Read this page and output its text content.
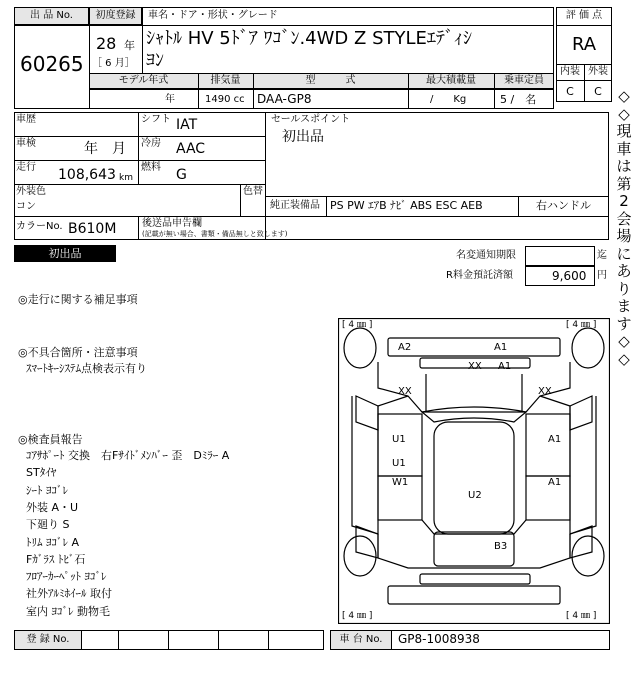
出 品 No.
60265
初度登録
28 年
［ 6 月］
車名・ドア・形状・グレード
ｼｬﾄﾙ HV 5ﾄﾞｱ ﾜｺﾞﾝ.4WD Z STYLEｴﾃﾞｨｼ
ﾖﾝ
モデル年式	排気量	型　　　式	最大積載量	乗車定員
年	1490 cc DAA-GP8	/　　Kg	5 /　名
評 価 点
RA
内装 外装
C	C	◇
◇
現
車
は
第
2
会
場
に
あ
り
ま
す
◇
◇
車歴
車検	年　月
走行 108,643 km
シフト IAT
冷房 AAC
燃料 G
セールスポイント
初出品
外装色
コン
色替
純正装備品 PS PW ｴｱB ﾅﾋﾞ ABS ESC AEB	右ハンドル
カラーNo. B610M	後送品申告欄
(記載が無い場合、書類・備品無しと致します)
初出品	名変通知期限	迄
R料金預託済額	9,600 円
◎走行に関する補足事項
◎不具合箇所・注意事項
ｽﾏｰﾄｷｰｼｽﾃﾑ点検表示有り
◎検査員報告
ｺｱｻﾎﾟｰﾄ 交換　右Fｻｲﾄﾞﾒﾝﾊﾞｰ 歪　Dﾐﾗｰ A
STﾀｲﾔ
ｼｰﾄ ﾖｺﾞﾚ
外装 A・U
下廻り S
ﾄﾘﾑ ﾖｺﾞﾚ A
Fｶﾞﾗｽ ﾄﾋﾞ石
ﾌﾛｱｰｶｰﾍﾟｯﾄ ﾖｺﾞﾚ
社外ｱﾙﾐﾎｲｰﾙ 取付
室内 ﾖｺﾞﾚ 動物毛
[ 4 ㎜ ]	[ 4 ㎜ ]
[ 4 ㎜ ]	[ 4 ㎜ ]
A2	A1
XX A1
XX	XX
U1	A1
U1
W1	A1
U2
B3
登 録 No.	車 台 No.	GP8-1008938
